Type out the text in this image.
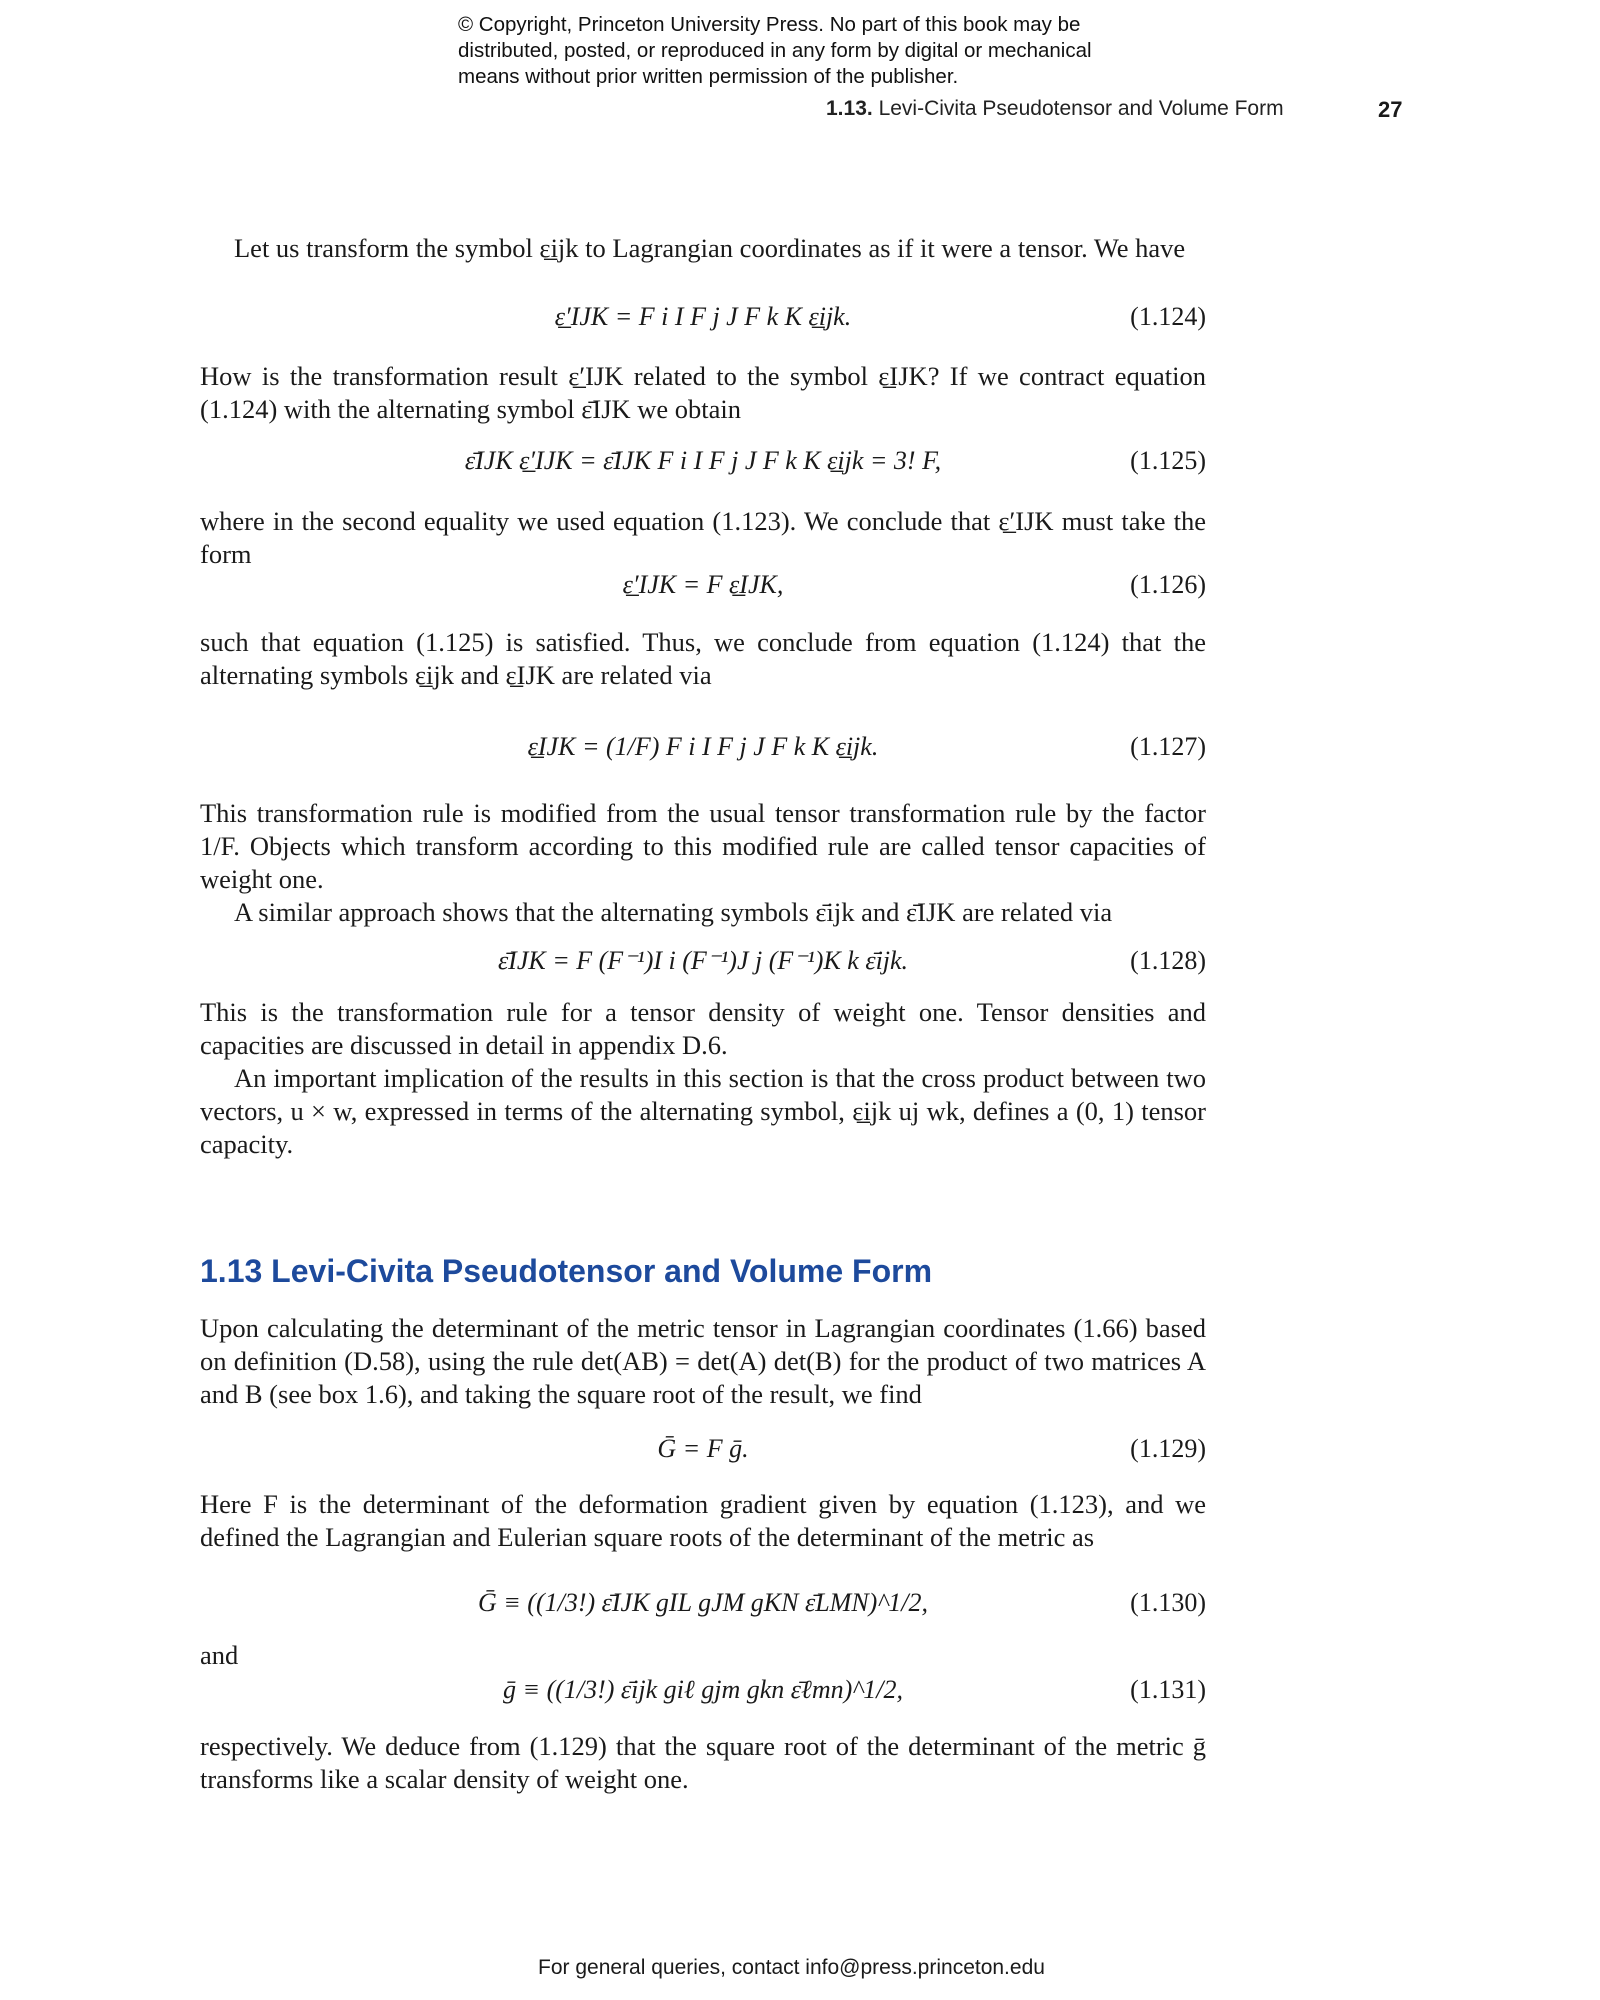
© Copyright, Princeton University Press. No part of this book may be
distributed, posted, or reproduced in any form by digital or mechanical
means without prior written permission of the publisher.
1.13. Levi-Civita Pseudotensor and Volume Form	27
Let us transform the symbol ε̲ijk to Lagrangian coordinates as if it were a tensor. We have
ε̲′IJK = F i I F j J F k K ε̲ijk.	(1.124)
How is the transformation result ε̲′IJK related to the symbol ε̲IJK? If we contract equation (1.124) with the alternating symbol ε̄IJK we obtain
ε̄IJK ε̲′IJK = ε̄IJK F i I F j J F k K ε̲ijk = 3! F,	(1.125)
where in the second equality we used equation (1.123). We conclude that ε̲′IJK must take the form
ε̲′IJK = F ε̲IJK,	(1.126)
such that equation (1.125) is satisfied. Thus, we conclude from equation (1.124) that the alternating symbols ε̲ijk and ε̲IJK are related via
ε̲IJK = (1/F) F i I F j J F k K ε̲ijk.	(1.127)
This transformation rule is modified from the usual tensor transformation rule by the factor 1/F. Objects which transform according to this modified rule are called tensor capacities of weight one.
A similar approach shows that the alternating symbols ε̄ijk and ε̄IJK are related via
ε̄IJK = F (F⁻¹)I i (F⁻¹)J j (F⁻¹)K k ε̄ijk.	(1.128)
This is the transformation rule for a tensor density of weight one. Tensor densities and capacities are discussed in detail in appendix D.6.
An important implication of the results in this section is that the cross product between two vectors, u × w, expressed in terms of the alternating symbol, ε̲ijk uj wk, defines a (0, 1) tensor capacity.
1.13 Levi-Civita Pseudotensor and Volume Form
Upon calculating the determinant of the metric tensor in Lagrangian coordinates (1.66) based on definition (D.58), using the rule det(AB) = det(A) det(B) for the product of two matrices A and B (see box 1.6), and taking the square root of the result, we find
Ḡ = F ḡ.	(1.129)
Here F is the determinant of the deformation gradient given by equation (1.123), and we defined the Lagrangian and Eulerian square roots of the determinant of the metric as
Ḡ ≡ ((1/3!) ε̄IJK gIL gJM gKN ε̄LMN)^1/2,	(1.130)
and
ḡ ≡ ((1/3!) ε̄ijk giℓ gjm gkn ε̄ℓmn)^1/2,	(1.131)
respectively. We deduce from (1.129) that the square root of the determinant of the metric ḡ transforms like a scalar density of weight one.
For general queries, contact info@press.princeton.edu
